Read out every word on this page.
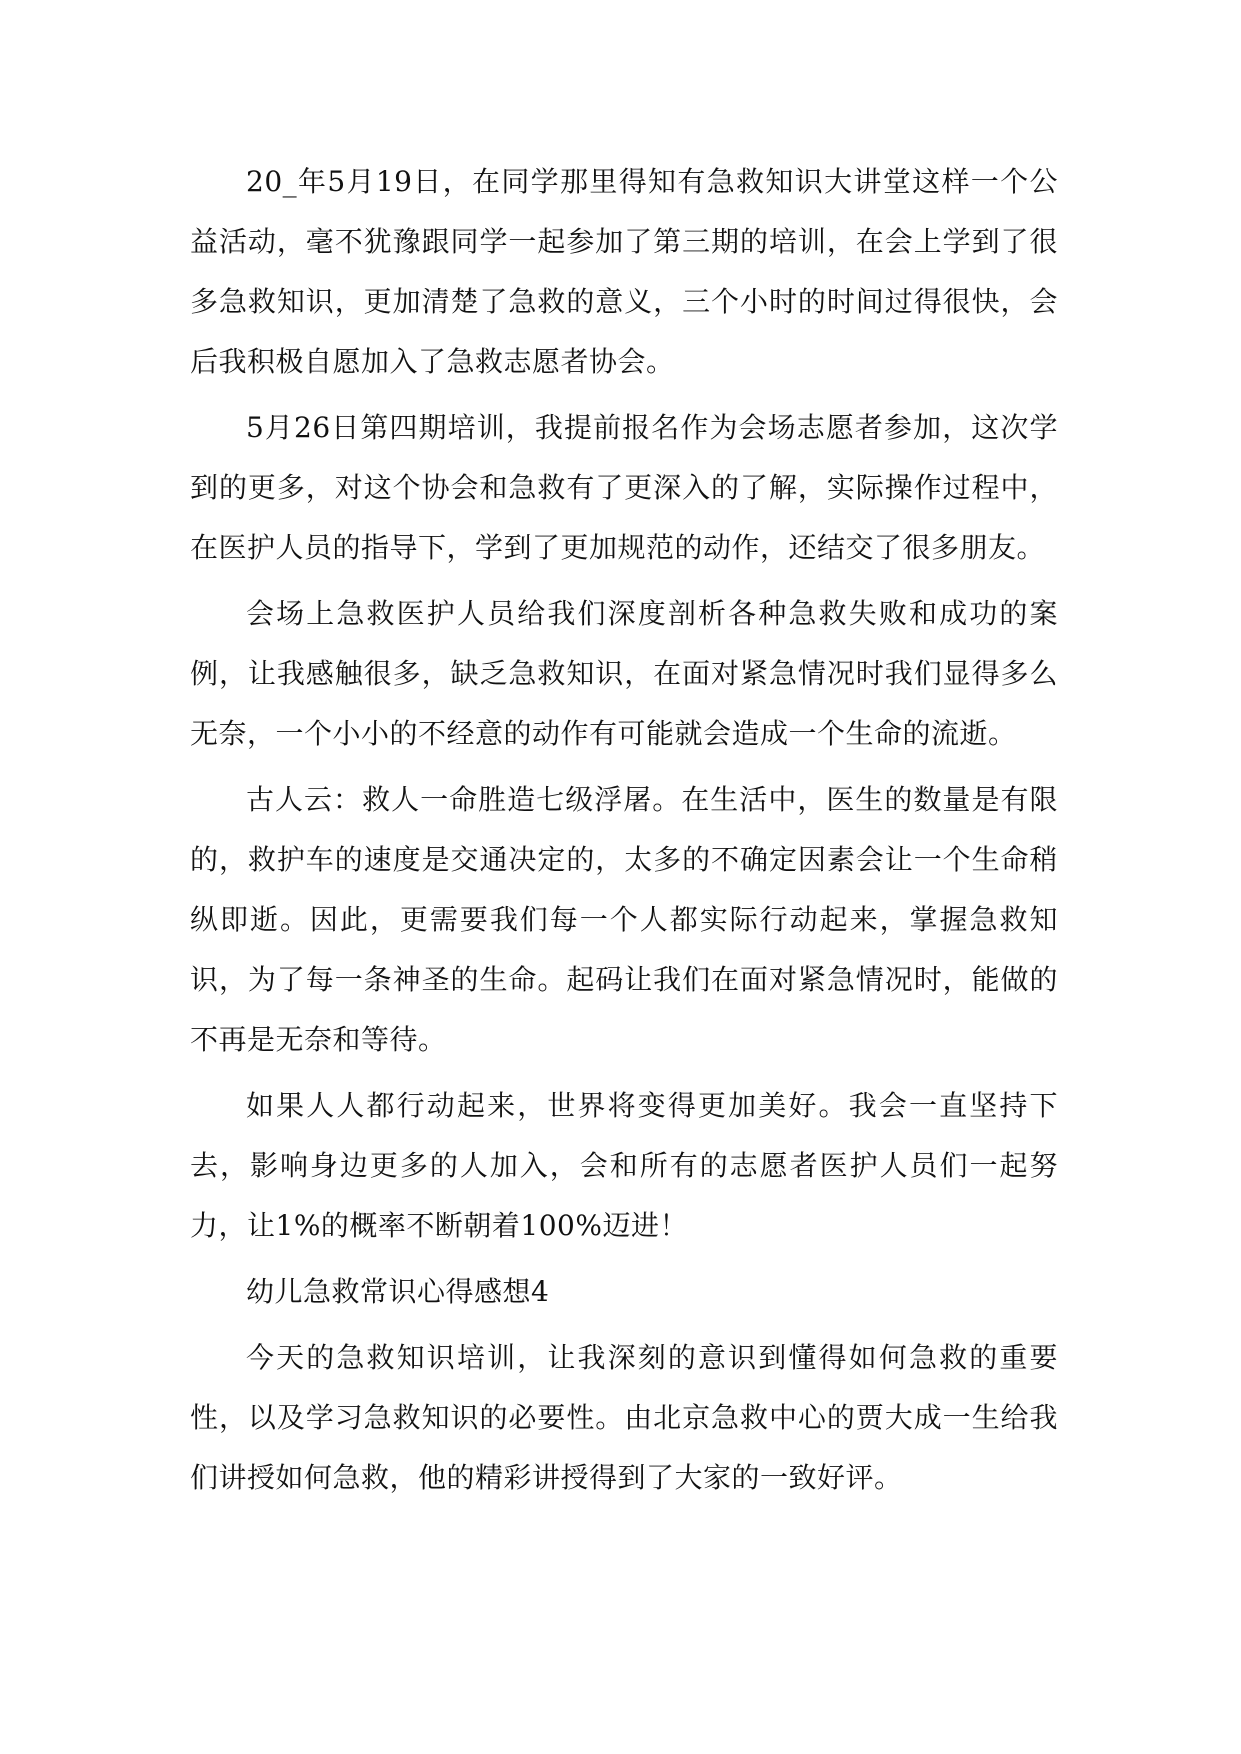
20_年5月19日，在同学那里得知有急救知识大讲堂这样一个公益活动，毫不犹豫跟同学一起参加了第三期的培训，在会上学到了很多急救知识，更加清楚了急救的意义，三个小时的时间过得很快，会后我积极自愿加入了急救志愿者协会。

5月26日第四期培训，我提前报名作为会场志愿者参加，这次学到的更多，对这个协会和急救有了更深入的了解，实际操作过程中，在医护人员的指导下，学到了更加规范的动作，还结交了很多朋友。

会场上急救医护人员给我们深度剖析各种急救失败和成功的案例，让我感触很多，缺乏急救知识，在面对紧急情况时我们显得多么无奈，一个小小的不经意的动作有可能就会造成一个生命的流逝。

古人云：救人一命胜造七级浮屠。在生活中，医生的数量是有限的，救护车的速度是交通决定的，太多的不确定因素会让一个生命稍纵即逝。因此，更需要我们每一个人都实际行动起来，掌握急救知识，为了每一条神圣的生命。起码让我们在面对紧急情况时，能做的不再是无奈和等待。

如果人人都行动起来，世界将变得更加美好。我会一直坚持下去，影响身边更多的人加入，会和所有的志愿者医护人员们一起努力，让1%的概率不断朝着100%迈进！

幼儿急救常识心得感想4

今天的急救知识培训，让我深刻的意识到懂得如何急救的重要性，以及学习急救知识的必要性。由北京急救中心的贾大成一生给我们讲授如何急救，他的精彩讲授得到了大家的一致好评。
